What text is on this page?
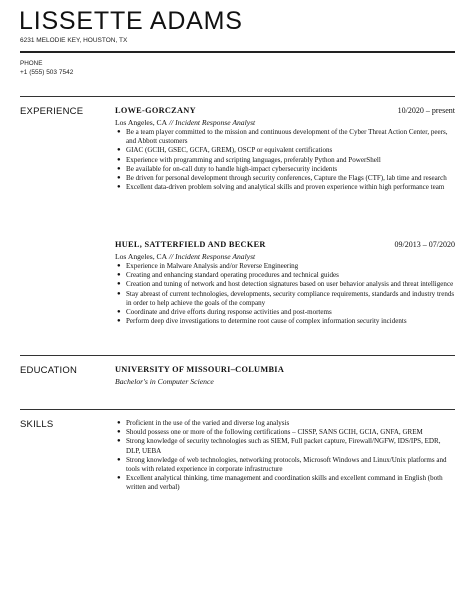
LISSETTE ADAMS
6231 MELODIE KEY, HOUSTON, TX
PHONE
+1 (555) 503 7542
EXPERIENCE	LOWE-GORCZANY	10/2020 – present
Los Angeles, CA // Incident Response Analyst
● Be a team player committed to the mission and continuous development of the Cyber Threat Action Center, peers, and Abbott customers
● GIAC (GCIH, GSEC, GCFA, GREM), OSCP or equivalent certifications
● Experience with programming and scripting languages, preferably Python and PowerShell
● Be available for on-call duty to handle high-impact cybersecurity incidents
● Be driven for personal development through security conferences, Capture the Flags (CTF), lab time and research
● Excellent data-driven problem solving and analytical skills and proven experience within high performance team
HUEL, SATTERFIELD AND BECKER	09/2013 – 07/2020
Los Angeles, CA // Incident Response Analyst
● Experience in Malware Analysis and/or Reverse Engineering
● Creating and enhancing standard operating procedures and technical guides
● Creation and tuning of network and host detection signatures based on user behavior analysis and threat intelligence
● Stay abreast of current technologies, developments, security compliance requirements, standards and industry trends in order to help achieve the goals of the company
● Coordinate and drive efforts during response activities and post-mortems
● Perform deep dive investigations to determine root cause of complex information security incidents
EDUCATION	UNIVERSITY OF MISSOURI–COLUMBIA
Bachelor's in Computer Science
SKILLS	● Proficient in the use of the varied and diverse log analysis
● Should possess one or more of the following certifications – CISSP, SANS GCIH, GCIA, GNFA, GREM
● Strong knowledge of security technologies such as SIEM, Full packet capture, Firewall/NGFW, IDS/IPS, EDR, DLP, UEBA
● Strong knowledge of web technologies, networking protocols, Microsoft Windows and Linux/Unix platforms and tools with related experience in corporate infrastructure
● Excellent analytical thinking, time management and coordination skills and excellent command in English (both written and verbal)
